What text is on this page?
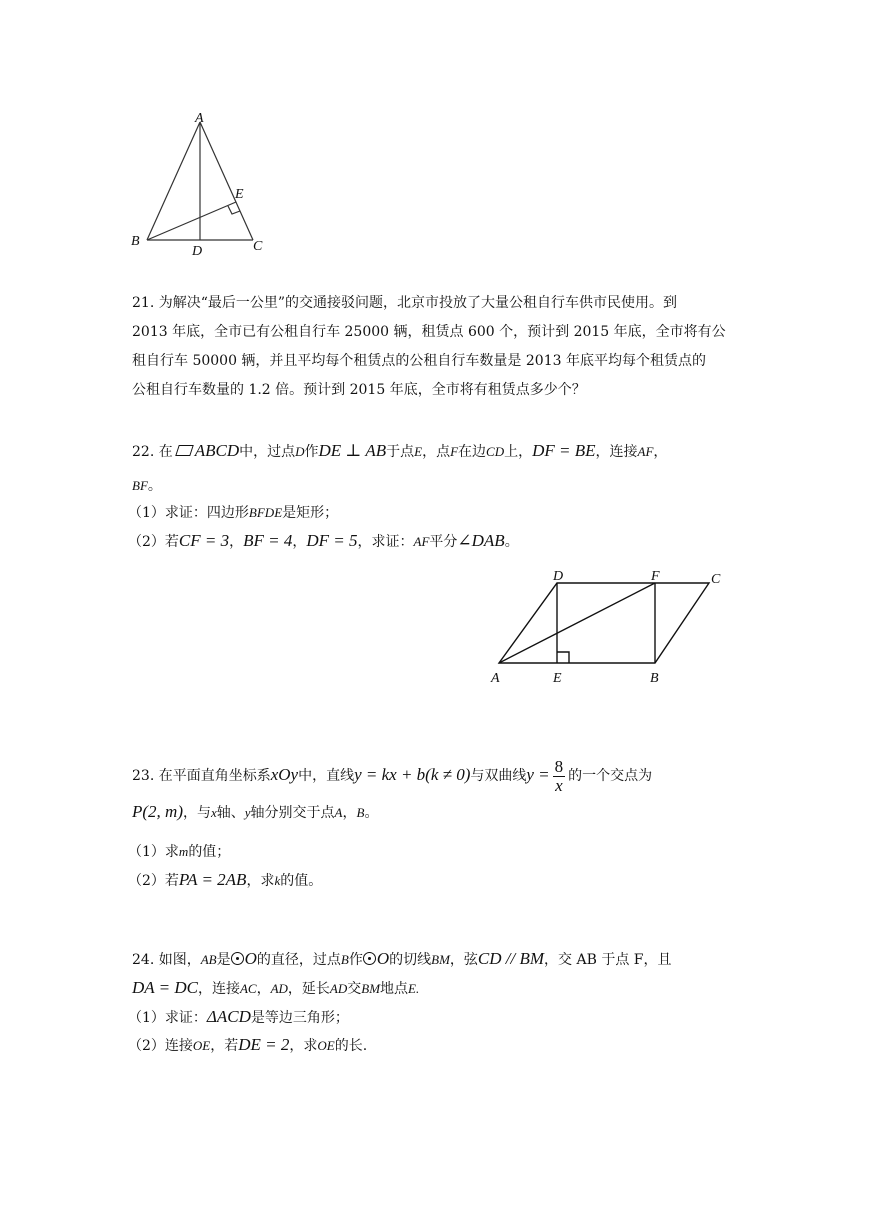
A
E
B
D	C
21. 为解决“最后一公里”的交通接驳问题，北京市投放了大量公租自行车供市民使用。到
2013 年底，全市已有公租自行车 25000 辆，租赁点 600 个，预计到 2015 年底，全市将有公
租自行车 50000 辆，并且平均每个租赁点的公租自行车数量是 2013 年底平均每个租赁点的
公租自行车数量的 1.2 倍。预计到 2015 年底，全市将有租赁点多少个？
22. 在 ABCD中，过点D作DE ⊥ AB于点E，点F在边CD上，DF = BE，连接AF，
BF。
（1）求证：四边形BFDE是矩形；
（2）若CF = 3，BF = 4，DF = 5，求证：AF平分∠DAB。
D	F	C
A	E	B
23. 在平面直角坐标系xOy中，直线y = kx + b(k ≠ 0)与双曲线$y = \frac{8}{x}$ 的一个交点为
P(2, m)，与x轴、y轴分别交于点A，B。
（1）求m的值；
（2）若PA = 2AB，求k的值。
24. 如图，AB是 O的直径，过点B作 O的切线BM，弦CD // BM，交 AB 于点 F，且
DA = DC，连接AC，AD，延长AD交BM地点E.
（1）求证：ΔACD是等边三角形；
（2）连接OE，若DE = 2，求OE的长.
